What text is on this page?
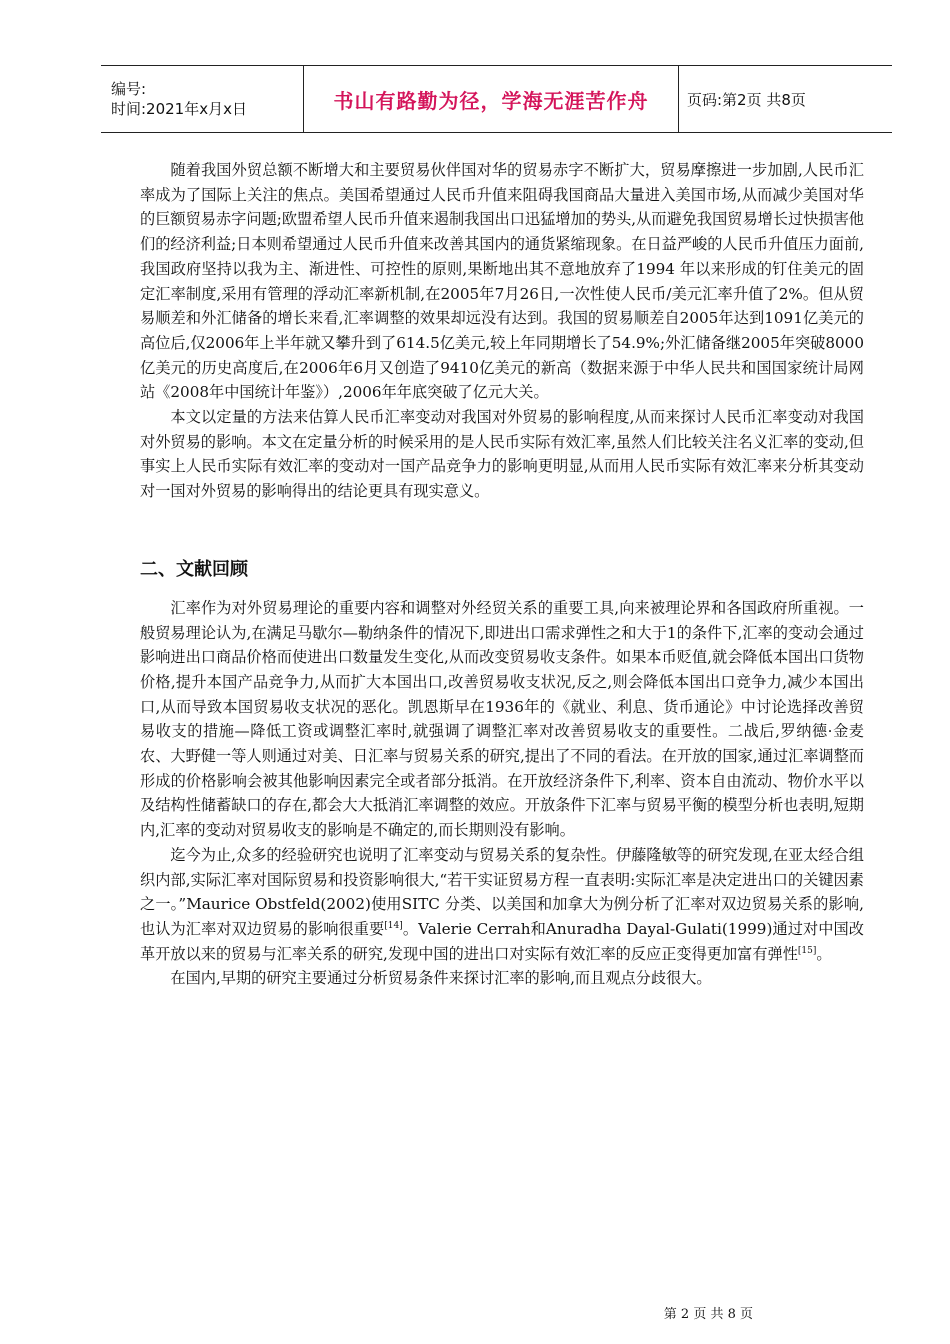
编号:
时间:2021年x月x日	书山有路勤为径，学海无涯苦作舟	页码:第2页 共8页

随着我国外贸总额不断增大和主要贸易伙伴国对华的贸易赤字不断扩大，贸易摩擦进一步加剧,人民币汇率成为了国际上关注的焦点。美国希望通过人民币升值来阻碍我国商品大量进入美国市场,从而减少美国对华的巨额贸易赤字问题;欧盟希望人民币升值来遏制我国出口迅猛增加的势头,从而避免我国贸易增长过快损害他们的经济利益;日本则希望通过人民币升值来改善其国内的通货紧缩现象。在日益严峻的人民币升值压力面前,我国政府坚持以我为主、渐进性、可控性的原则,果断地出其不意地放弃了1994 年以来形成的钉住美元的固定汇率制度,采用有管理的浮动汇率新机制,在2005年7月26日,一次性使人民币/美元汇率升值了2%。但从贸易顺差和外汇储备的增长来看,汇率调整的效果却远没有达到。我国的贸易顺差自2005年达到1091亿美元的高位后,仅2006年上半年就又攀升到了614.5亿美元,较上年同期增长了54.9%;外汇储备继2005年突破8000亿美元的历史高度后,在2006年6月又创造了9410亿美元的新高（数据来源于中华人民共和国国家统计局网站《2008年中国统计年鉴》）,2006年年底突破了亿元大关。

本文以定量的方法来估算人民币汇率变动对我国对外贸易的影响程度,从而来探讨人民币汇率变动对我国对外贸易的影响。本文在定量分析的时候采用的是人民币实际有效汇率,虽然人们比较关注名义汇率的变动,但事实上人民币实际有效汇率的变动对一国产品竞争力的影响更明显,从而用人民币实际有效汇率来分析其变动对一国对外贸易的影响得出的结论更具有现实意义。

二、文献回顾

汇率作为对外贸易理论的重要内容和调整对外经贸关系的重要工具,向来被理论界和各国政府所重视。一般贸易理论认为,在满足马歇尔—勒纳条件的情况下,即进出口需求弹性之和大于1的条件下,汇率的变动会通过影响进出口商品价格而使进出口数量发生变化,从而改变贸易收支条件。如果本币贬值,就会降低本国出口货物价格,提升本国产品竞争力,从而扩大本国出口,改善贸易收支状况,反之,则会降低本国出口竞争力,减少本国出口,从而导致本国贸易收支状况的恶化。凯恩斯早在1936年的《就业、利息、货币通论》中讨论选择改善贸易收支的措施—降低工资或调整汇率时,就强调了调整汇率对改善贸易收支的重要性。二战后,罗纳德·金麦农、大野健一等人则通过对美、日汇率与贸易关系的研究,提出了不同的看法。在开放的国家,通过汇率调整而形成的价格影响会被其他影响因素完全或者部分抵消。在开放经济条件下,利率、资本自由流动、物价水平以及结构性储蓄缺口的存在,都会大大抵消汇率调整的效应。开放条件下汇率与贸易平衡的模型分析也表明,短期内,汇率的变动对贸易收支的影响是不确定的,而长期则没有影响。

迄今为止,众多的经验研究也说明了汇率变动与贸易关系的复杂性。伊藤隆敏等的研究发现,在亚太经合组织内部,实际汇率对国际贸易和投资影响很大,“若干实证贸易方程一直表明:实际汇率是决定进出口的关键因素之一。”Maurice Obstfeld(2002)使用SITC 分类、以美国和加拿大为例分析了汇率对双边贸易关系的影响,也认为汇率对双边贸易的影响很重要[14]。Valerie Cerrah和Anuradha Dayal-Gulati(1999)通过对中国改革开放以来的贸易与汇率关系的研究,发现中国的进出口对实际有效汇率的反应正变得更加富有弹性[15]。

在国内,早期的研究主要通过分析贸易条件来探讨汇率的影响,而且观点分歧很大。

第 2 页 共 8 页
